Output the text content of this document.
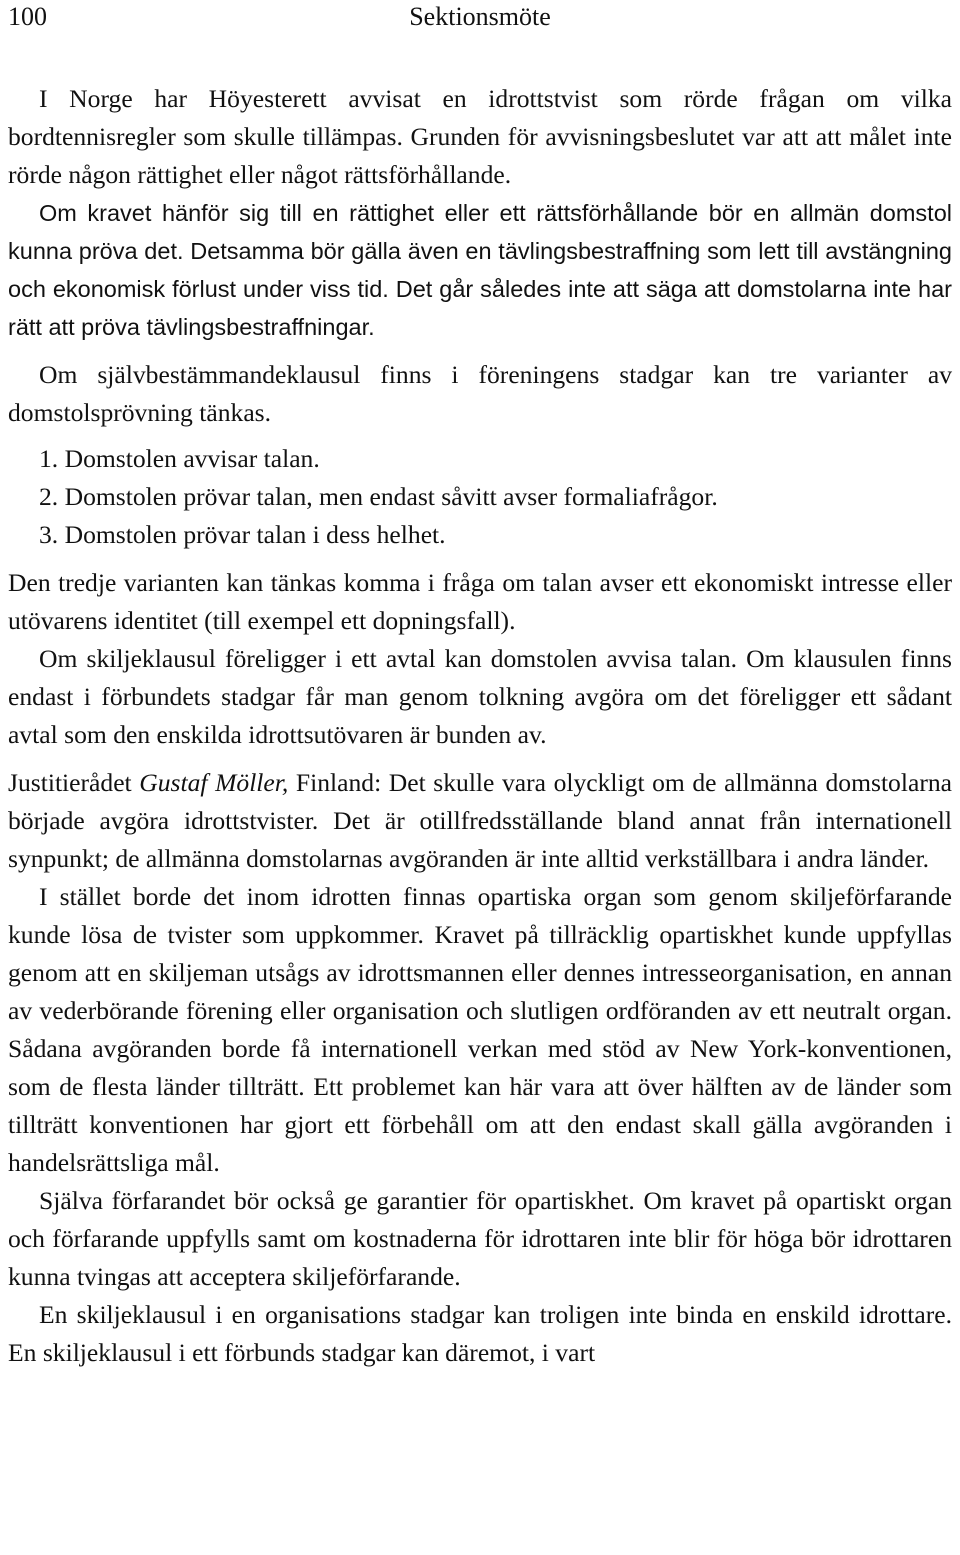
100	Sektionsmöte

I Norge har Höyesterett avvisat en idrottstvist som rörde frågan om vilka bordtennisregler som skulle tillämpas. Grunden för avvisningsbeslutet var att att målet inte rörde någon rättighet eller något rättsförhållande.

Om kravet hänför sig till en rättighet eller ett rättsförhållande bör en allmän domstol kunna pröva det. Detsamma bör gälla även en tävlingsbestraffning som lett till avstängning och ekonomisk förlust under viss tid. Det går således inte att säga att domstolarna inte har rätt att pröva tävlingsbestraffningar.

Om självbestämmandeklausul finns i föreningens stadgar kan tre varianter av domstolsprövning tänkas.

1. Domstolen avvisar talan.
2. Domstolen prövar talan, men endast såvitt avser formaliafrågor.
3. Domstolen prövar talan i dess helhet.

Den tredje varianten kan tänkas komma i fråga om talan avser ett ekonomiskt intresse eller utövarens identitet (till exempel ett dopningsfall).

Om skiljeklausul föreligger i ett avtal kan domstolen avvisa talan. Om klausulen finns endast i förbundets stadgar får man genom tolkning avgöra om det föreligger ett sådant avtal som den enskilda idrottsutövaren är bunden av.

Justitierådet Gustaf Möller, Finland: Det skulle vara olyckligt om de allmänna domstolarna började avgöra idrottstvister. Det är otillfredsställande bland annat från internationell synpunkt; de allmänna domstolarnas avgöranden är inte alltid verkställbara i andra länder.

I stället borde det inom idrotten finnas opartiska organ som genom skiljeförfarande kunde lösa de tvister som uppkommer. Kravet på tillräcklig opartiskhet kunde uppfyllas genom att en skiljeman utsågs av idrottsmannen eller dennes intresseorganisation, en annan av vederbörande förening eller organisation och slutligen ordföranden av ett neutralt organ. Sådana avgöranden borde få internationell verkan med stöd av New York-konventionen, som de flesta länder tillträtt. Ett problemet kan här vara att över hälften av de länder som tillträtt konventionen har gjort ett förbehåll om att den endast skall gälla avgöranden i handelsrättsliga mål.

Själva förfarandet bör också ge garantier för opartiskhet. Om kravet på opartiskt organ och förfarande uppfylls samt om kostnaderna för idrottaren inte blir för höga bör idrottaren kunna tvingas att acceptera skiljeförfarande.

En skiljeklausul i en organisations stadgar kan troligen inte binda en enskild idrottare. En skiljeklausul i ett förbunds stadgar kan däremot, i vart
